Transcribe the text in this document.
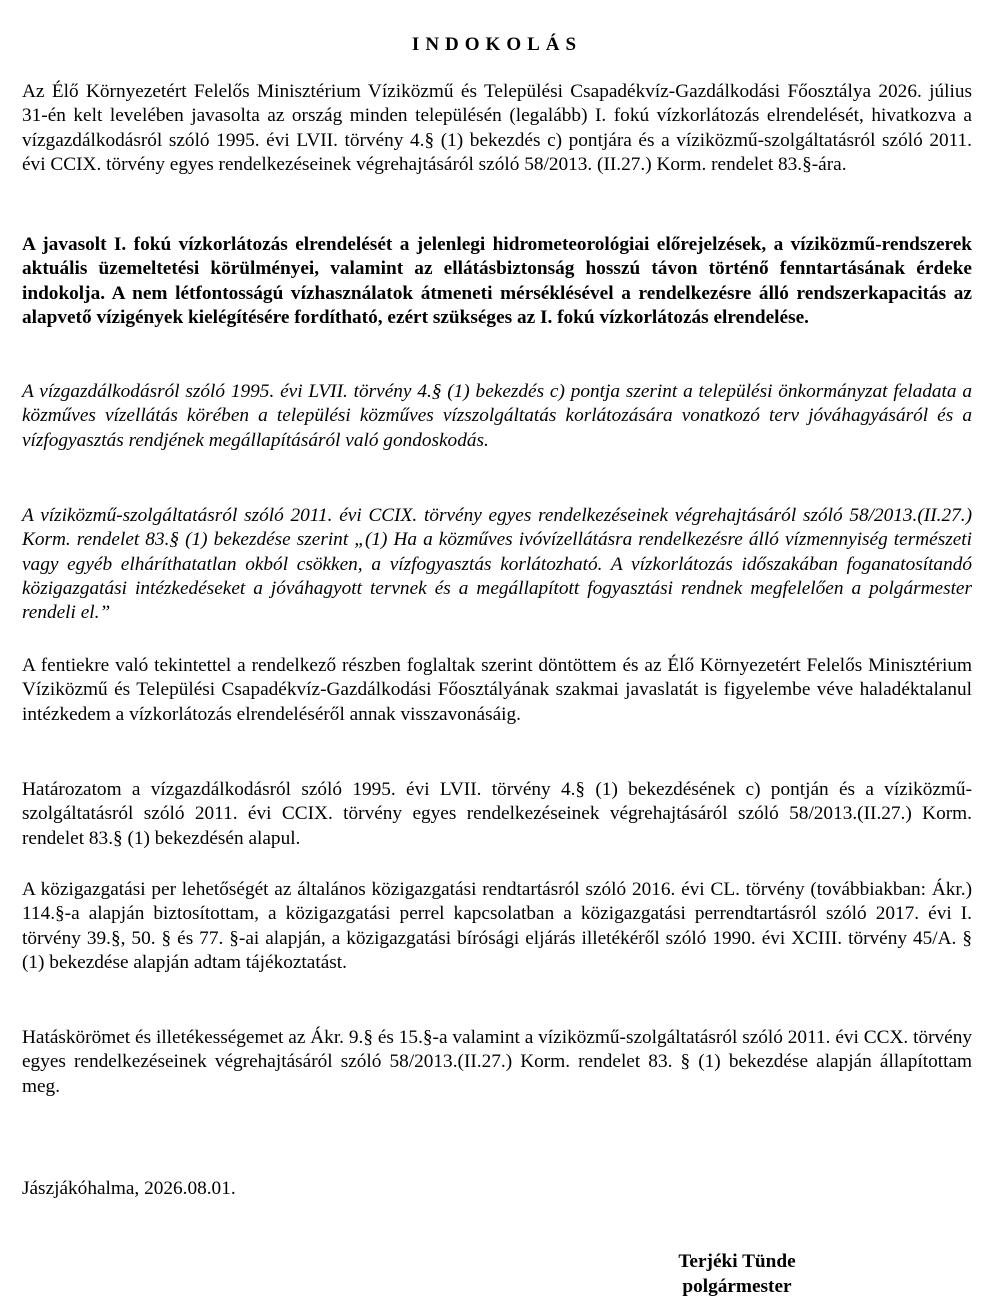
INDOKOLÁS

Az Élő Környezetért Felelős Minisztérium Víziközmű és Települési Csapadékvíz-Gazdálkodási Főosztálya 2026. július 31-én kelt levelében javasolta az ország minden településén (legalább) I. fokú vízkorlátozás elrendelését, hivatkozva a vízgazdálkodásról szóló 1995. évi LVII. törvény 4.§ (1) bekezdés c) pontjára és a víziközmű-szolgáltatásról szóló 2011. évi CCIX. törvény egyes rendelkezéseinek végrehajtásáról szóló 58/2013. (II.27.) Korm. rendelet 83.§-ára.

A javasolt I. fokú vízkorlátozás elrendelését a jelenlegi hidrometeorológiai előrejelzések, a víziközmű-rendszerek aktuális üzemeltetési körülményei, valamint az ellátásbiztonság hosszú távon történő fenntartásának érdeke indokolja. A nem létfontosságú vízhasználatok átmeneti mérséklésével a rendelkezésre álló rendszerkapacitás az alapvető vízigények kielégítésére fordítható, ezért szükséges az I. fokú vízkorlátozás elrendelése.

A vízgazdálkodásról szóló 1995. évi LVII. törvény 4.§ (1) bekezdés c) pontja szerint a települési önkormányzat feladata a közműves vízellátás körében a települési közműves vízszolgáltatás korlátozására vonatkozó terv jóváhagyásáról és a vízfogyasztás rendjének megállapításáról való gondoskodás.

A víziközmű-szolgáltatásról szóló 2011. évi CCIX. törvény egyes rendelkezéseinek végrehajtásáról szóló 58/2013.(II.27.) Korm. rendelet 83.§ (1) bekezdése szerint „(1) Ha a közműves ivóvízellátásra rendelkezésre álló vízmennyiség természeti vagy egyéb elháríthatatlan okból csökken, a vízfogyasztás korlátozható. A vízkorlátozás időszakában foganatosítandó közigazgatási intézkedéseket a jóváhagyott tervnek és a megállapított fogyasztási rendnek megfelelően a polgármester rendeli el.”

A fentiekre való tekintettel a rendelkező részben foglaltak szerint döntöttem és az Élő Környezetért Felelős Minisztérium Víziközmű és Települési Csapadékvíz-Gazdálkodási Főosztályának szakmai javaslatát is figyelembe véve haladéktalanul intézkedem a vízkorlátozás elrendeléséről annak visszavonásáig.

Határozatom a vízgazdálkodásról szóló 1995. évi LVII. törvény 4.§ (1) bekezdésének c) pontján és a víziközmű-szolgáltatásról szóló 2011. évi CCIX. törvény egyes rendelkezéseinek végrehajtásáról szóló 58/2013.(II.27.) Korm. rendelet 83.§ (1) bekezdésén alapul.

A közigazgatási per lehetőségét az általános közigazgatási rendtartásról szóló 2016. évi CL. törvény (továbbiakban: Ákr.) 114.§-a alapján biztosítottam, a közigazgatási perrel kapcsolatban a közigazgatási perrendtartásról szóló 2017. évi I. törvény 39.§, 50. § és 77. §-ai alapján, a közigazgatási bírósági eljárás illetékéről szóló 1990. évi XCIII. törvény 45/A. § (1) bekezdése alapján adtam tájékoztatást.

Hatáskörömet és illetékességemet az Ákr. 9.§ és 15.§-a valamint a víziközmű-szolgáltatásról szóló 2011. évi CCX. törvény egyes rendelkezéseinek végrehajtásáról szóló 58/2013.(II.27.) Korm. rendelet 83. § (1) bekezdése alapján állapítottam meg.

Jászjákóhalma, 2026.08.01.
Terjéki Tünde
polgármester
